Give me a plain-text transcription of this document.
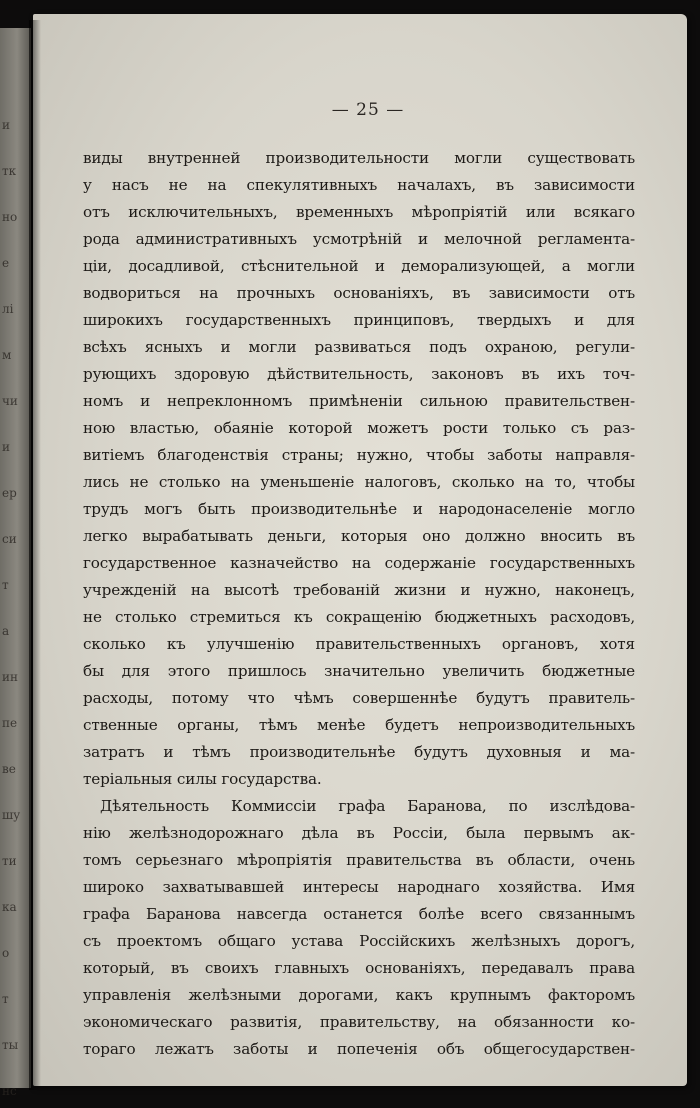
и
тк
но
е
лі
м
чи
и
ер
си
т
а
ин
пе
ве
шу
ти
ка
о
т
ты
нс
— 25 —
виды внутренней производительности могли существовать
у насъ не на спекулятивныхъ началахъ, въ зависимости
отъ исключительныхъ, временныхъ мѣропріятій или всякаго
рода административныхъ усмотрѣній и мелочной регламента-
ціи, досадливой, стѣснительной и деморализующей, а могли
водвориться на прочныхъ основаніяхъ, въ зависимости отъ
широкихъ государственныхъ принциповъ, твердыхъ и для
всѣхъ ясныхъ и могли развиваться подъ охраною, регули-
рующихъ здоровую дѣйствительность, законовъ въ ихъ точ-
номъ и непреклонномъ примѣненіи сильною правительствен-
ною властью, обаяніе которой можетъ рости только съ раз-
витіемъ благоденствія страны; нужно, чтобы заботы направля-
лись не столько на уменьшеніе налоговъ, сколько на то, чтобы
трудъ могъ быть производительнѣе и народонаселеніе могло
легко вырабатывать деньги, которыя оно должно вносить въ
государственное казначейство на содержаніе государственныхъ
учрежденій на высотѣ требованій жизни и нужно, наконецъ,
не столько стремиться къ сокращенію бюджетныхъ расходовъ,
сколько къ улучшенію правительственныхъ органовъ, хотя
бы для этого пришлось значительно увеличить бюджетные
расходы, потому что чѣмъ совершеннѣе будутъ правитель-
ственные органы, тѣмъ менѣе будетъ непроизводительныхъ
затратъ и тѣмъ производительнѣе будутъ духовныя и ма-
теріальныя силы государства.
Дѣятельность Коммиссіи графа Баранова, по изслѣдова-
нію желѣзнодорожнаго дѣла въ Россіи, была первымъ ак-
томъ серьезнаго мѣропріятія правительства въ области, очень
широко захватывавшей интересы народнаго хозяйства. Имя
графа Баранова навсегда останется болѣе всего связаннымъ
съ проектомъ общаго устава Россійскихъ желѣзныхъ дорогъ,
который, въ своихъ главныхъ основаніяхъ, передавалъ права
управленія желѣзными дорогами, какъ крупнымъ факторомъ
экономическаго развитія, правительству, на обязанности ко-
тораго лежатъ заботы и попеченія объ общегосударствен-
